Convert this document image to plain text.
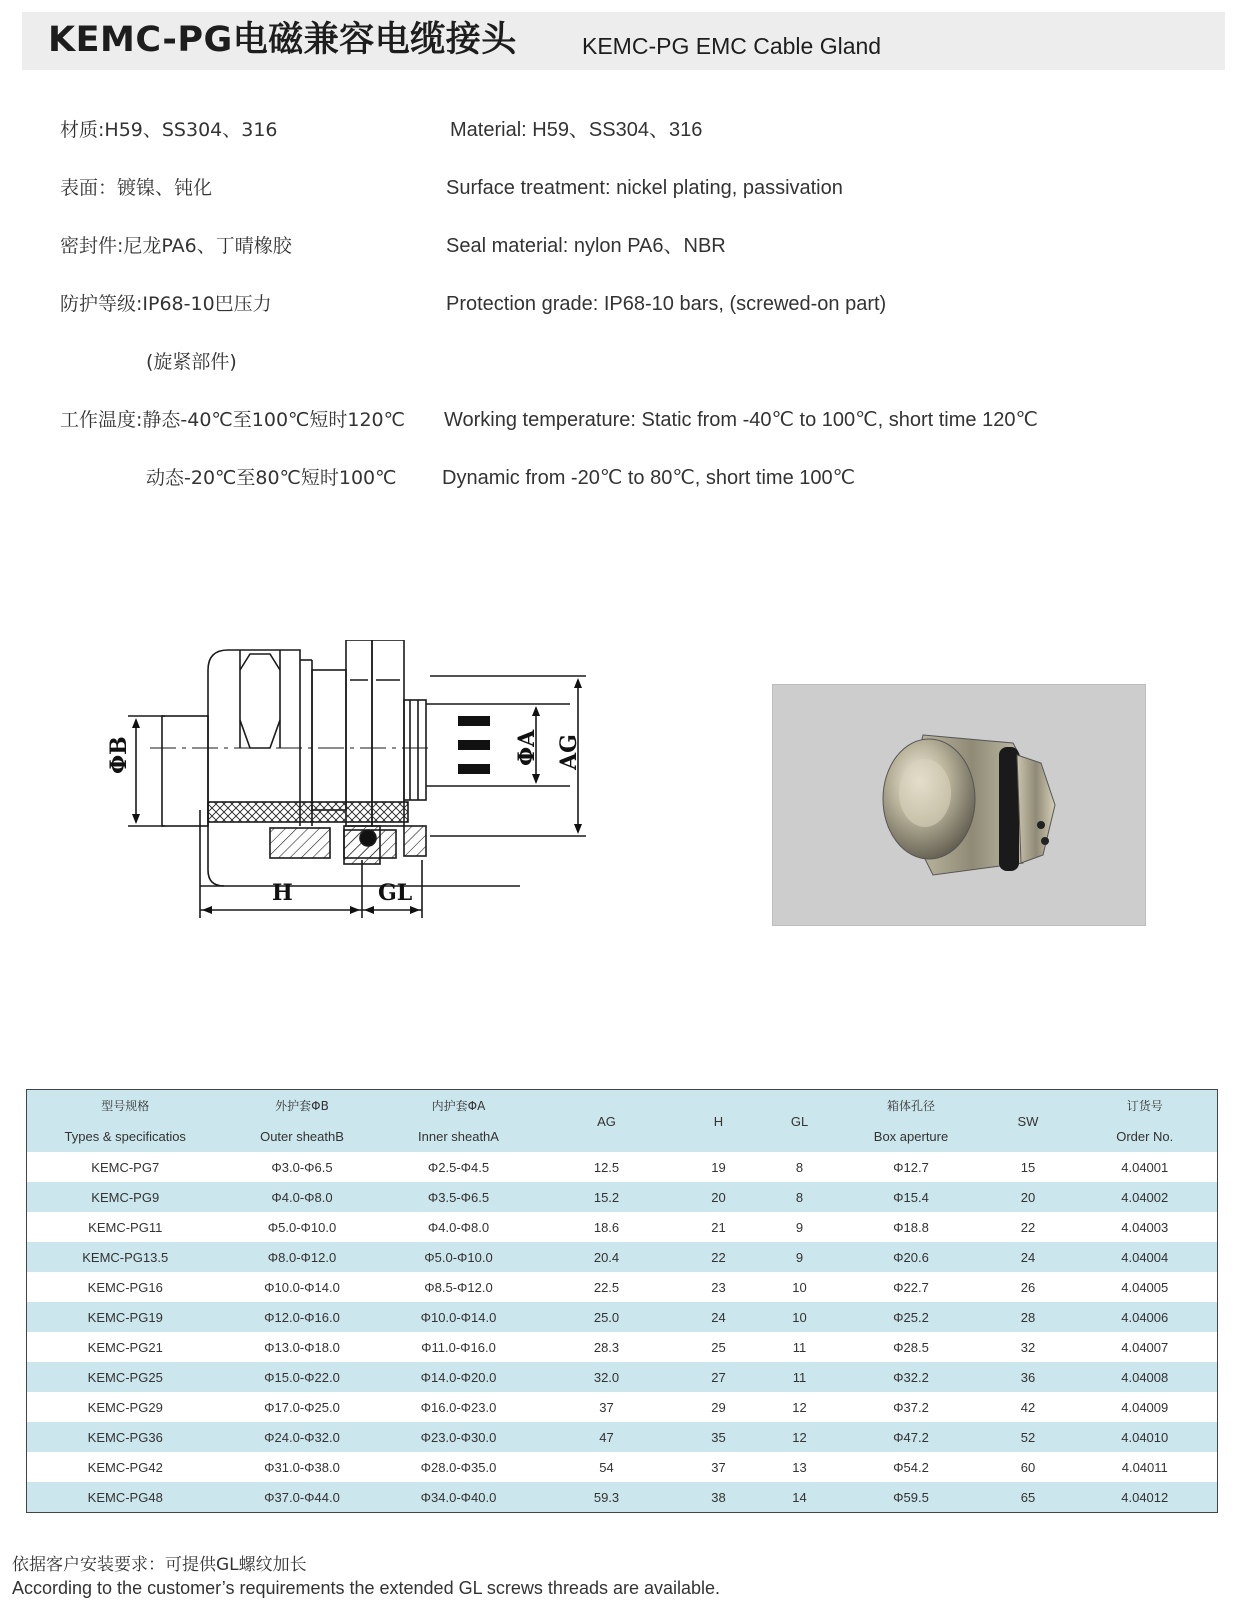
KEMC-PG电磁兼容电缆接头	KEMC-PG EMC Cable Gland
材质:H59、SS304、316	Material: H59、SS304、316
表面：镀镍、钝化	Surface treatment: nickel plating, passivation
密封件:尼龙PA6、丁晴橡胶	Seal material: nylon PA6、NBR
防护等级:IP68-10巴压力	Protection grade: IP68-10 bars, (screwed-on part)
(旋紧部件)
工作温度:静态-40℃至100℃短时120℃ Working temperature: Static from -40℃ to 100℃, short time 120℃
动态-20℃至80℃短时100℃ Dynamic from -20℃ to 80℃, short time 100℃
ΦB	ΦA AG
H	GL
型号规格	外护套ΦB	内护套ΦA	AG	H	GL	箱体孔径	SW	订货号
Types & specificatios	Outer sheathB	Inner sheathA				Box aperture		Order No.
KEMC-PG7	Φ3.0-Φ6.5	Φ2.5-Φ4.5	12.5	19	8	Φ12.7	15	4.04001
KEMC-PG9	Φ4.0-Φ8.0	Φ3.5-Φ6.5	15.2	20	8	Φ15.4	20	4.04002
KEMC-PG11	Φ5.0-Φ10.0	Φ4.0-Φ8.0	18.6	21	9	Φ18.8	22	4.04003
KEMC-PG13.5	Φ8.0-Φ12.0	Φ5.0-Φ10.0	20.4	22	9	Φ20.6	24	4.04004
KEMC-PG16	Φ10.0-Φ14.0	Φ8.5-Φ12.0	22.5	23	10	Φ22.7	26	4.04005
KEMC-PG19	Φ12.0-Φ16.0	Φ10.0-Φ14.0	25.0	24	10	Φ25.2	28	4.04006
KEMC-PG21	Φ13.0-Φ18.0	Φ11.0-Φ16.0	28.3	25	11	Φ28.5	32	4.04007
KEMC-PG25	Φ15.0-Φ22.0	Φ14.0-Φ20.0	32.0	27	11	Φ32.2	36	4.04008
KEMC-PG29	Φ17.0-Φ25.0	Φ16.0-Φ23.0	37	29	12	Φ37.2	42	4.04009
KEMC-PG36	Φ24.0-Φ32.0	Φ23.0-Φ30.0	47	35	12	Φ47.2	52	4.04010
KEMC-PG42	Φ31.0-Φ38.0	Φ28.0-Φ35.0	54	37	13	Φ54.2	60	4.04011
KEMC-PG48	Φ37.0-Φ44.0	Φ34.0-Φ40.0	59.3	38	14	Φ59.5	65	4.04012
依据客户安装要求：可提供GL螺纹加长
According to the customer’s requirements the extended GL screws threads are available.
